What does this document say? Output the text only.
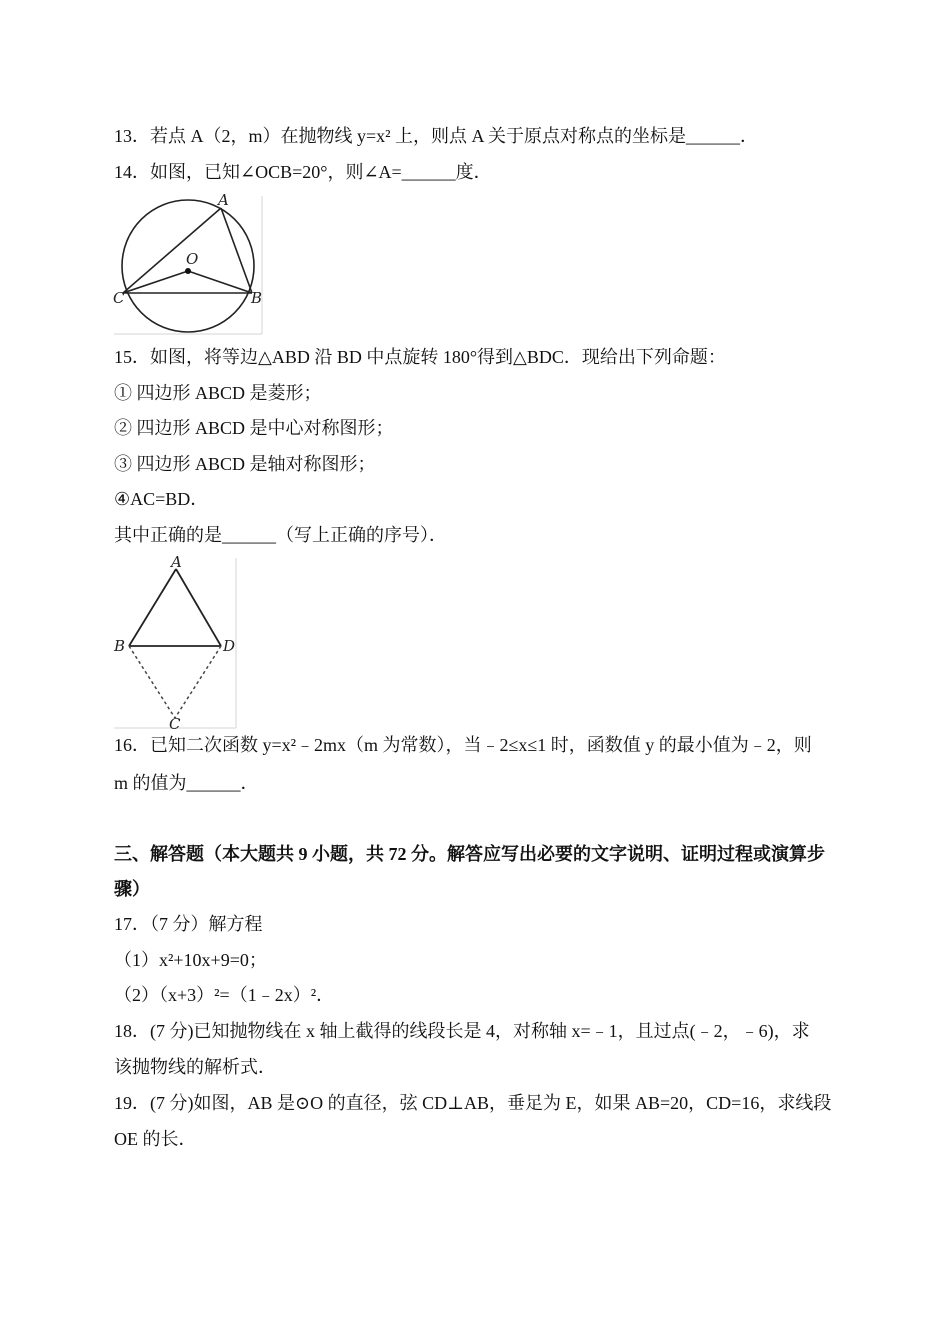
13．若点 A（2，m）在抛物线 y=x² 上，则点 A 关于原点对称点的坐标是______．
14．如图，已知∠OCB=20°，则∠A=______度．
A
O
C	B
15．如图，将等边△ABD 沿 BD 中点旋转 180°得到△BDC．现给出下列命题：
① 四边形 ABCD 是菱形；
② 四边形 ABCD 是中心对称图形；
③ 四边形 ABCD 是轴对称图形；
④AC=BD．
其中正确的是______（写上正确的序号）．
A
B	D
C
16．已知二次函数 y=x²﹣2mx（m 为常数），当﹣2≤x≤1 时，函数值 y 的最小值为﹣2，则
m 的值为______．
三、解答题（本大题共 9 小题，共 72 分。解答应写出必要的文字说明、证明过程或演算步
骤）
17．（7 分）解方程
（1）x²+10x+9=0；
（2）（x+3）²=（1﹣2x）²．
18．(7 分)已知抛物线在 x 轴上截得的线段长是 4，对称轴 x=﹣1，且过点(﹣2，﹣6)，求
该抛物线的解析式．
19．(7 分)如图，AB 是⊙O 的直径，弦 CD⊥AB，垂足为 E，如果 AB=20，CD=16，求线段
OE 的长．
